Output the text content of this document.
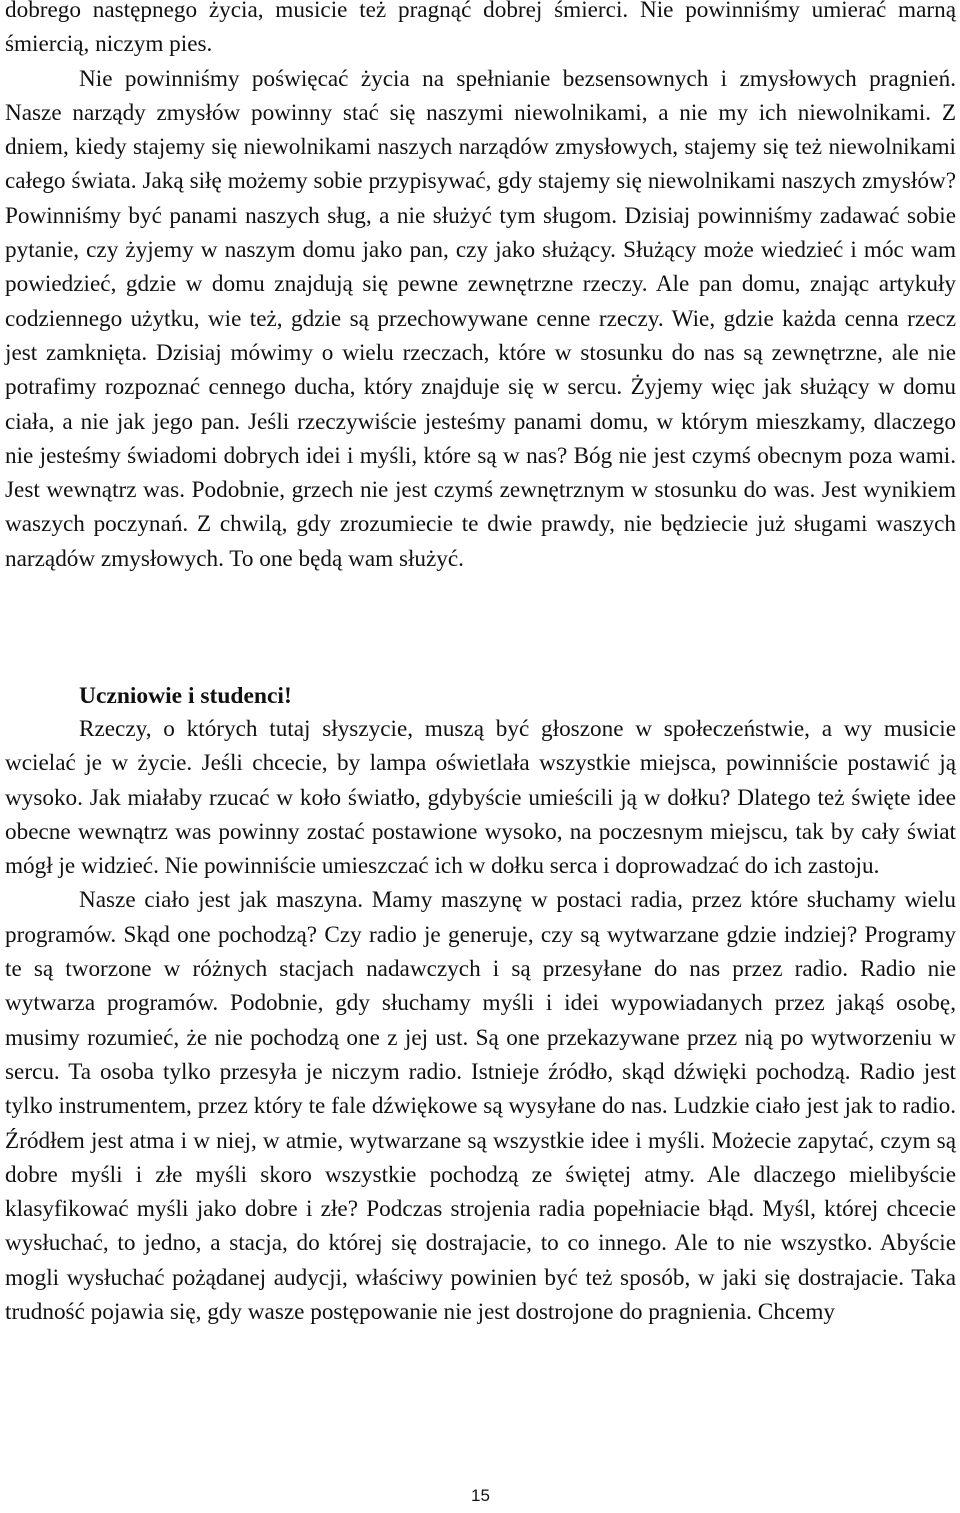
dobrego następnego życia, musicie też pragnąć dobrej śmierci. Nie powinniśmy umierać marną śmiercią, niczym pies.

Nie powinniśmy poświęcać życia na spełnianie bezsensownych i zmysłowych pragnień. Nasze narządy zmysłów powinny stać się naszymi niewolnikami, a nie my ich niewolnikami. Z dniem, kiedy stajemy się niewolnikami naszych narządów zmysłowych, stajemy się też niewolnikami całego świata. Jaką siłę możemy sobie przypisywać, gdy stajemy się niewolnikami naszych zmysłów? Powinniśmy być panami naszych sług, a nie służyć tym sługom. Dzisiaj powinniśmy zadawać sobie pytanie, czy żyjemy w naszym domu jako pan, czy jako służący. Służący może wiedzieć i móc wam powiedzieć, gdzie w domu znajdują się pewne zewnętrzne rzeczy. Ale pan domu, znając artykuły codziennego użytku, wie też, gdzie są przechowywane cenne rzeczy. Wie, gdzie każda cenna rzecz jest zamknięta. Dzisiaj mówimy o wielu rzeczach, które w stosunku do nas są zewnętrzne, ale nie potrafimy rozpoznać cennego ducha, który znajduje się w sercu. Żyjemy więc jak służący w domu ciała, a nie jak jego pan. Jeśli rzeczywiście jesteśmy panami domu, w którym mieszkamy, dlaczego nie jesteśmy świadomi dobrych idei i myśli, które są w nas? Bóg nie jest czymś obecnym poza wami. Jest wewnątrz was. Podobnie, grzech nie jest czymś zewnętrznym w stosunku do was. Jest wynikiem waszych poczynań. Z chwilą, gdy zrozumiecie te dwie prawdy, nie będziecie już sługami waszych narządów zmysłowych. To one będą wam służyć.

Uczniowie i studenci!

Rzeczy, o których tutaj słyszycie, muszą być głoszone w społeczeństwie, a wy musicie wcielać je w życie. Jeśli chcecie, by lampa oświetlała wszystkie miejsca, powinniście postawić ją wysoko. Jak miałaby rzucać w koło światło, gdybyście umieścili ją w dołku? Dlatego też święte idee obecne wewnątrz was powinny zostać postawione wysoko, na poczesnym miejscu, tak by cały świat mógł je widzieć. Nie powinniście umieszczać ich w dołku serca i doprowadzać do ich zastoju.

Nasze ciało jest jak maszyna. Mamy maszynę w postaci radia, przez które słuchamy wielu programów. Skąd one pochodzą? Czy radio je generuje, czy są wytwarzane gdzie indziej? Programy te są tworzone w różnych stacjach nadawczych i są przesyłane do nas przez radio. Radio nie wytwarza programów. Podobnie, gdy słuchamy myśli i idei wypowiadanych przez jakąś osobę, musimy rozumieć, że nie pochodzą one z jej ust. Są one przekazywane przez nią po wytworzeniu w sercu. Ta osoba tylko przesyła je niczym radio. Istnieje źródło, skąd dźwięki pochodzą. Radio jest tylko instrumentem, przez który te fale dźwiękowe są wysyłane do nas. Ludzkie ciało jest jak to radio. Źródłem jest atma i w niej, w atmie, wytwarzane są wszystkie idee i myśli. Możecie zapytać, czym są dobre myśli i złe myśli skoro wszystkie pochodzą ze świętej atmy. Ale dlaczego mielibyście klasyfikować myśli jako dobre i złe? Podczas strojenia radia popełniacie błąd. Myśl, której chcecie wysłuchać, to jedno, a stacja, do której się dostrajacie, to co innego. Ale to nie wszystko. Abyście mogli wysłuchać pożądanej audycji, właściwy powinien być też sposób, w jaki się dostrajacie. Taka trudność pojawia się, gdy wasze postępowanie nie jest dostrojone do pragnienia. Chcemy

15
